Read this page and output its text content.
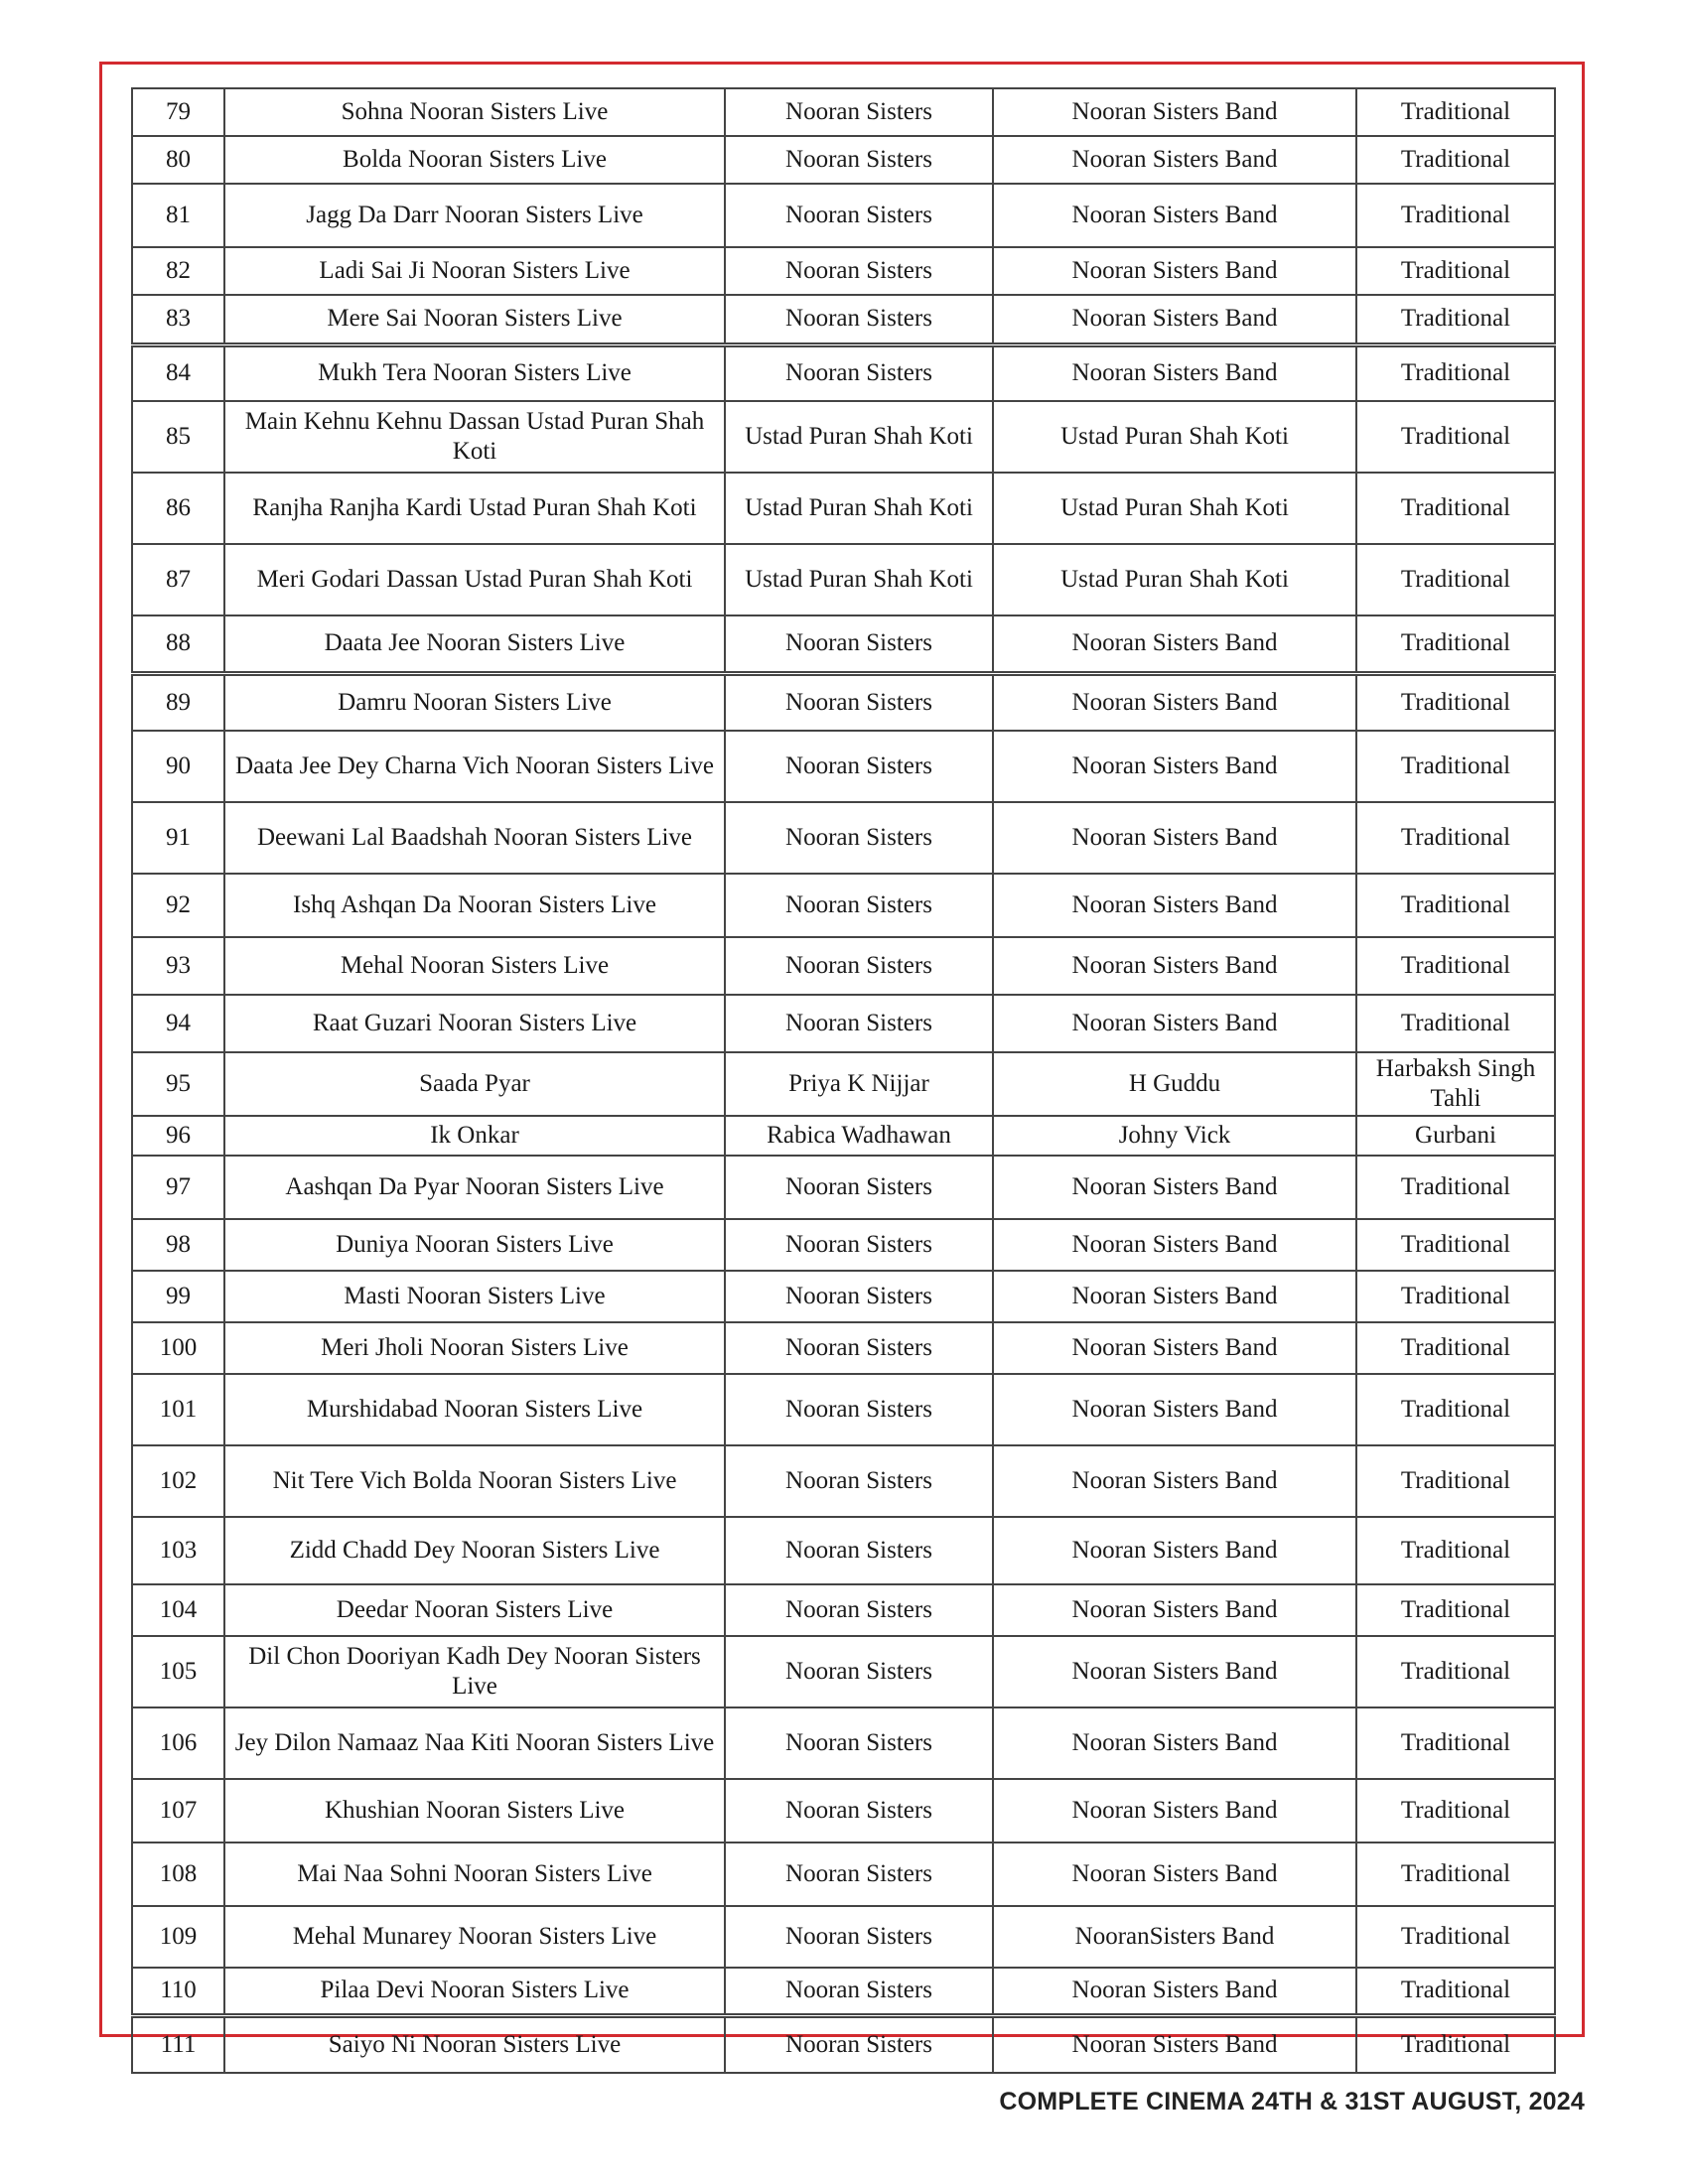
79	Sohna Nooran Sisters Live	Nooran Sisters	Nooran Sisters Band	Traditional
80	Bolda Nooran Sisters Live	Nooran Sisters	Nooran Sisters Band	Traditional
81	Jagg Da Darr Nooran Sisters Live	Nooran Sisters	Nooran Sisters Band	Traditional
82	Ladi Sai Ji Nooran Sisters Live	Nooran Sisters	Nooran Sisters Band	Traditional
83	Mere Sai Nooran Sisters Live	Nooran Sisters	Nooran Sisters Band	Traditional
84	Mukh Tera Nooran Sisters Live	Nooran Sisters	Nooran Sisters Band	Traditional
85	Main Kehnu Kehnu Dassan Ustad Puran Shah Koti	Ustad Puran Shah Koti	Ustad Puran Shah Koti	Traditional
86	Ranjha Ranjha Kardi Ustad Puran Shah Koti	Ustad Puran Shah Koti	Ustad Puran Shah Koti	Traditional
87	Meri Godari Dassan Ustad Puran Shah Koti	Ustad Puran Shah Koti	Ustad Puran Shah Koti	Traditional
88	Daata Jee Nooran Sisters Live	Nooran Sisters	Nooran Sisters Band	Traditional
89	Damru Nooran Sisters Live	Nooran Sisters	Nooran Sisters Band	Traditional
90	Daata Jee Dey Charna Vich Nooran Sisters Live	Nooran Sisters	Nooran Sisters Band	Traditional
91	Deewani Lal Baadshah Nooran Sisters Live	Nooran Sisters	Nooran Sisters Band	Traditional
92	Ishq Ashqan Da Nooran Sisters Live	Nooran Sisters	Nooran Sisters Band	Traditional
93	Mehal Nooran Sisters Live	Nooran Sisters	Nooran Sisters Band	Traditional
94	Raat Guzari Nooran Sisters Live	Nooran Sisters	Nooran Sisters Band	Traditional
95	Saada Pyar	Priya K Nijjar	H Guddu	Harbaksh Singh Tahli
96	Ik Onkar	Rabica Wadhawan	Johny Vick	Gurbani
97	Aashqan Da Pyar Nooran Sisters Live	Nooran Sisters	Nooran Sisters Band	Traditional
98	Duniya Nooran Sisters Live	Nooran Sisters	Nooran Sisters Band	Traditional
99	Masti Nooran Sisters Live	Nooran Sisters	Nooran Sisters Band	Traditional
100	Meri Jholi Nooran Sisters Live	Nooran Sisters	Nooran Sisters Band	Traditional
101	Murshidabad Nooran Sisters Live	Nooran Sisters	Nooran Sisters Band	Traditional
102	Nit Tere Vich Bolda Nooran Sisters Live	Nooran Sisters	Nooran Sisters Band	Traditional
103	Zidd Chadd Dey Nooran Sisters Live	Nooran Sisters	Nooran Sisters Band	Traditional
104	Deedar Nooran Sisters Live	Nooran Sisters	Nooran Sisters Band	Traditional
105	Dil Chon Dooriyan Kadh Dey Nooran Sisters Live	Nooran Sisters	Nooran Sisters Band	Traditional
106	Jey Dilon Namaaz Naa Kiti Nooran Sisters Live	Nooran Sisters	Nooran Sisters Band	Traditional
107	Khushian Nooran Sisters Live	Nooran Sisters	Nooran Sisters Band	Traditional
108	Mai Naa Sohni Nooran Sisters Live	Nooran Sisters	Nooran Sisters Band	Traditional
109	Mehal Munarey Nooran Sisters Live	Nooran Sisters	NooranSisters Band	Traditional
110	Pilaa Devi Nooran Sisters Live	Nooran Sisters	Nooran Sisters Band	Traditional
111	Saiyo Ni Nooran Sisters Live	Nooran Sisters	Nooran Sisters Band	Traditional
COMPLETE CINEMA 24TH & 31ST AUGUST, 2024
